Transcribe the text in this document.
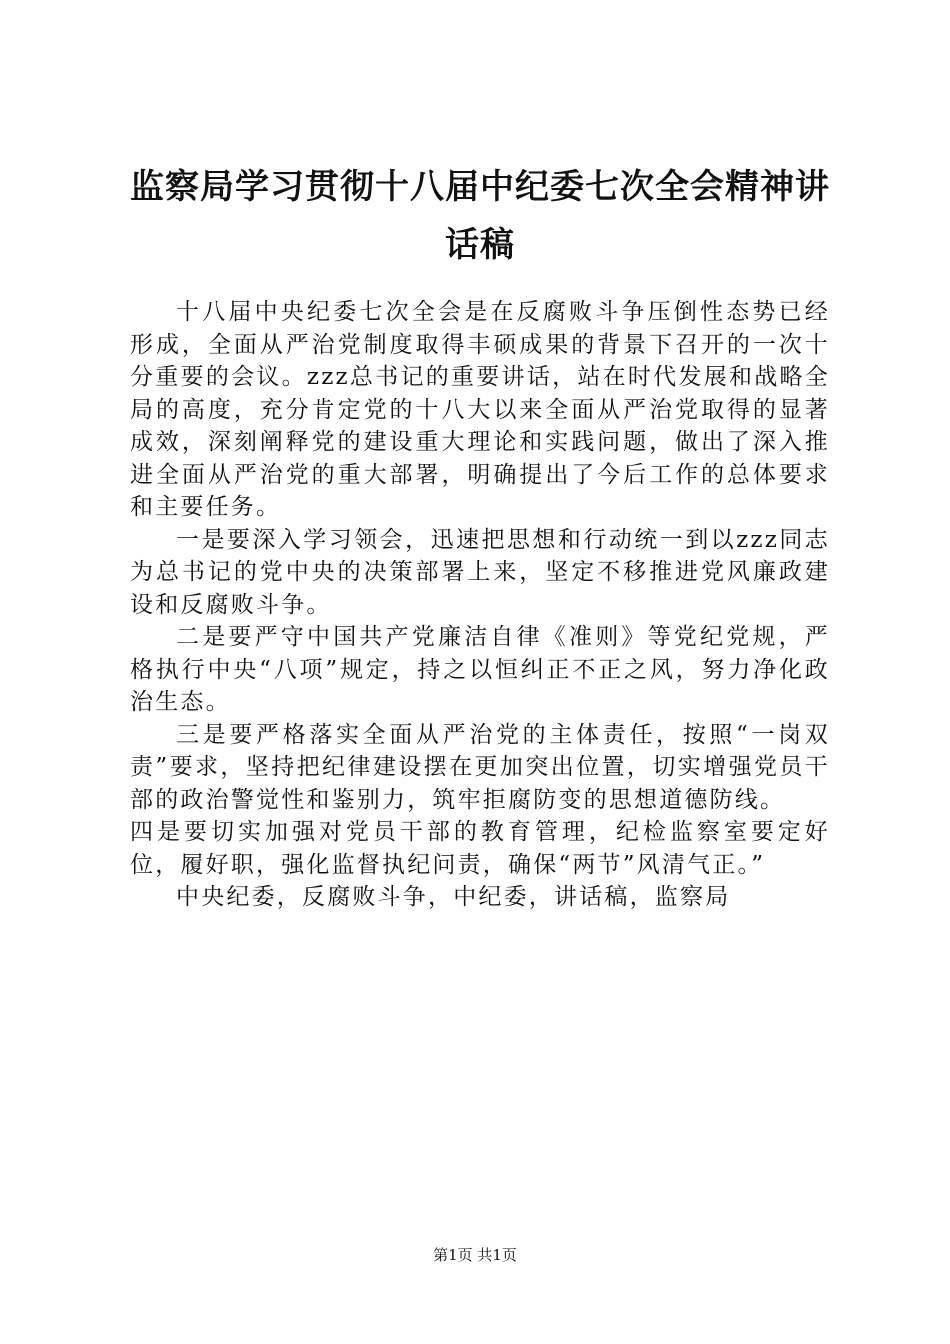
监察局学习贯彻十八届中纪委七次全会精神讲话稿

十八届中央纪委七次全会是在反腐败斗争压倒性态势已经形成，全面从严治党制度取得丰硕成果的背景下召开的一次十分重要的会议。zzz总书记的重要讲话，站在时代发展和战略全局的高度，充分肯定党的十八大以来全面从严治党取得的显著成效，深刻阐释党的建设重大理论和实践问题，做出了深入推进全面从严治党的重大部署，明确提出了今后工作的总体要求和主要任务。

一是要深入学习领会，迅速把思想和行动统一到以zzz同志为总书记的党中央的决策部署上来，坚定不移推进党风廉政建设和反腐败斗争。

二是要严守中国共产党廉洁自律《准则》等党纪党规，严格执行中央“八项”规定，持之以恒纠正不正之风，努力净化政治生态。

三是要严格落实全面从严治党的主体责任，按照“一岗双责”要求，坚持把纪律建设摆在更加突出位置，切实增强党员干部的政治警觉性和鉴别力，筑牢拒腐防变的思想道德防线。

四是要切实加强对党员干部的教育管理，纪检监察室要定好位，履好职，强化监督执纪问责，确保“两节”风清气正。”

中央纪委，反腐败斗争，中纪委，讲话稿，监察局

第1页 共1页
